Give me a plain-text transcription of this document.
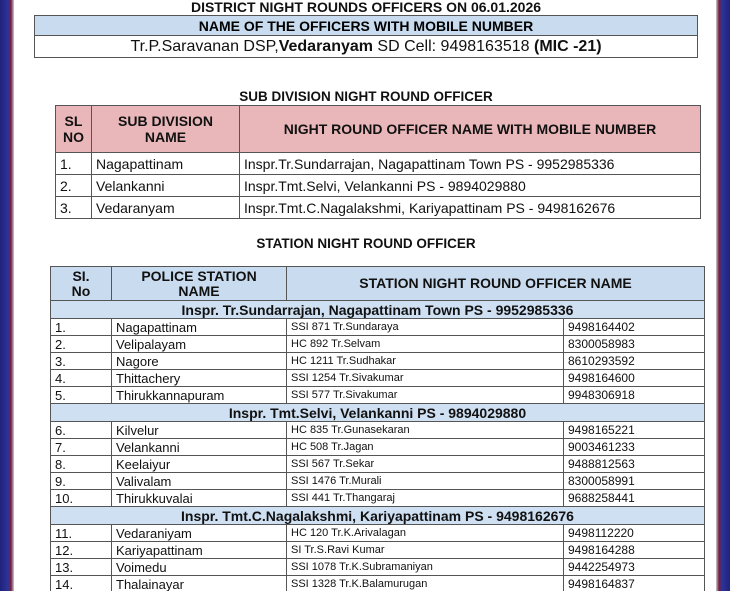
DISTRICT NIGHT ROUNDS OFFICERS ON 06.01.2026
NAME OF THE OFFICERS WITH MOBILE NUMBER
Tr.P.Saravanan DSP,Vedaranyam SD Cell: 9498163518 (MIC -21)
SUB DIVISION NIGHT ROUND OFFICER
SL NO	SUB DIVISION NAME	NIGHT ROUND OFFICER NAME WITH MOBILE NUMBER

1.	Nagapattinam	Inspr.Tr.Sundarrajan, Nagapattinam Town PS - 9952985336
2.	Velankanni	Inspr.Tmt.Selvi, Velankanni PS - 9894029880
3.	Vedaranyam	Inspr.Tmt.C.Nagalakshmi, Kariyapattinam PS - 9498162676
STATION NIGHT ROUND OFFICER
SI. No	POLICE STATION NAME	STATION NIGHT ROUND OFFICER NAME	
Inspr. Tr.Sundarrajan, Nagapattinam Town PS - 9952985336			
1.	Nagapattinam	SSI 871 Tr.Sundaraya	9498164402
2.	Velipalayam	HC 892 Tr.Selvam	8300058983
3.	Nagore	HC 1211 Tr.Sudhakar	8610293592
4.	Thittachery	SSI 1254 Tr.Sivakumar	9498164600
5.	Thirukkannapuram	SSI 577 Tr.Sivakumar	9948306918
Inspr. Tmt.Selvi, Velankanni PS - 9894029880			
6.	Kilvelur	HC 835 Tr.Gunasekaran	9498165221
7.	Velankanni	HC 508 Tr.Jagan	9003461233
8.	Keelaiyur	SSI 567 Tr.Sekar	9488812563
9.	Valivalam	SSI 1476 Tr.Murali	8300058991
10.	Thirukkuvalai	SSI 441 Tr.Thangaraj	9688258441
Inspr. Tmt.C.Nagalakshmi, Kariyapattinam PS - 9498162676			
11.	Vedaraniyam	HC 120 Tr.K.Arivalagan	9498112220
12.	Kariyapattinam	SI Tr.S.Ravi Kumar	9498164288
13.	Voimedu	SSI 1078 Tr.K.Subramaniyan	9442254973
14.	Thalainayar	SSI 1328 Tr.K.Balamurugan	9498164837
